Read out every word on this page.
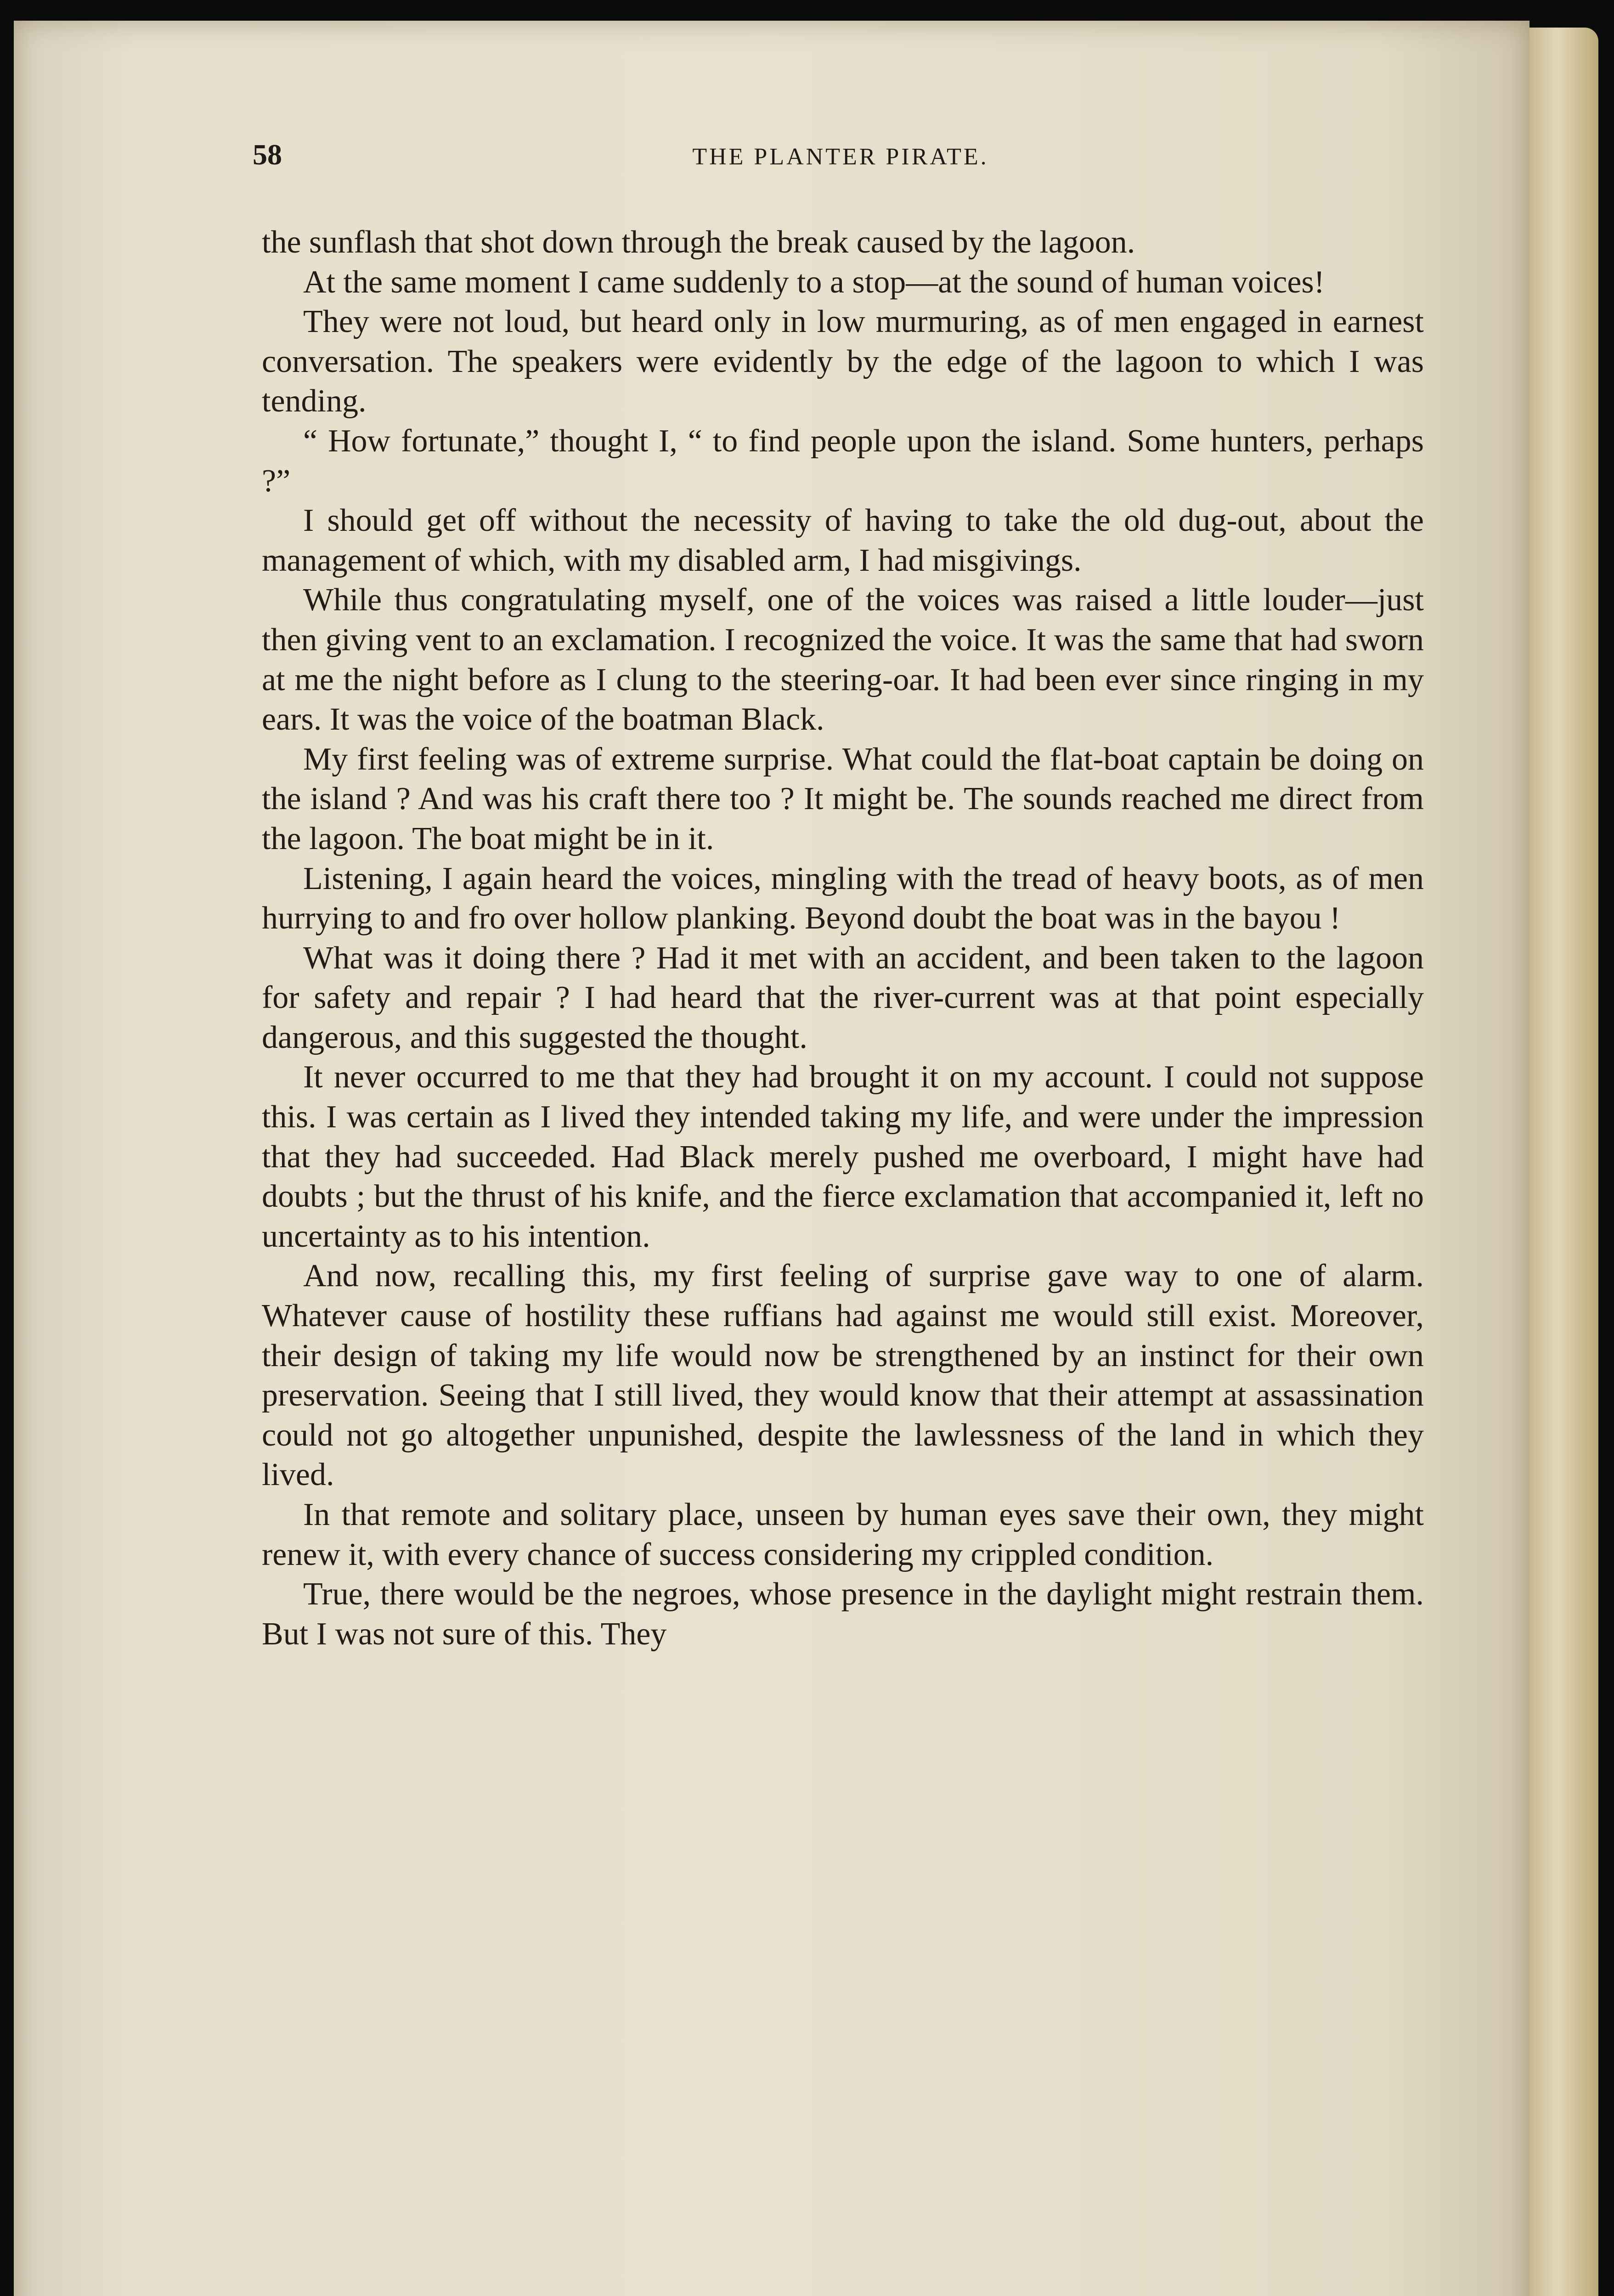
58	THE PLANTER PIRATE.

the sunflash that shot down through the break caused by the lagoon.

At the same moment I came suddenly to a stop—at the sound of human voices!

They were not loud, but heard only in low murmuring, as of men engaged in earnest conversation. The speakers were evidently by the edge of the lagoon to which I was tending.

“ How fortunate,” thought I, “ to find people upon the island. Some hunters, perhaps ?”

I should get off without the necessity of having to take the old dug-out, about the management of which, with my disabled arm, I had misgivings.

While thus congratulating myself, one of the voices was raised a little louder—just then giving vent to an exclamation. I recognized the voice. It was the same that had sworn at me the night before as I clung to the steering-oar. It had been ever since ringing in my ears. It was the voice of the boatman Black.

My first feeling was of extreme surprise. What could the flat-boat captain be doing on the island ? And was his craft there too ? It might be. The sounds reached me direct from the lagoon. The boat might be in it.

Listening, I again heard the voices, mingling with the tread of heavy boots, as of men hurrying to and fro over hollow planking. Beyond doubt the boat was in the bayou !

What was it doing there ? Had it met with an accident, and been taken to the lagoon for safety and repair ? I had heard that the river-current was at that point especially dangerous, and this suggested the thought.

It never occurred to me that they had brought it on my account. I could not suppose this. I was certain as I lived they intended taking my life, and were under the impression that they had succeeded. Had Black merely pushed me overboard, I might have had doubts ; but the thrust of his knife, and the fierce exclamation that accompanied it, left no uncertainty as to his intention.

And now, recalling this, my first feeling of surprise gave way to one of alarm. Whatever cause of hostility these ruffians had against me would still exist. Moreover, their design of taking my life would now be strengthened by an instinct for their own preservation. Seeing that I still lived, they would know that their attempt at assassination could not go altogether unpunished, despite the lawlessness of the land in which they lived.

In that remote and solitary place, unseen by human eyes save their own, they might renew it, with every chance of success considering my crippled condition.

True, there would be the negroes, whose presence in the daylight might restrain them. But I was not sure of this. They
